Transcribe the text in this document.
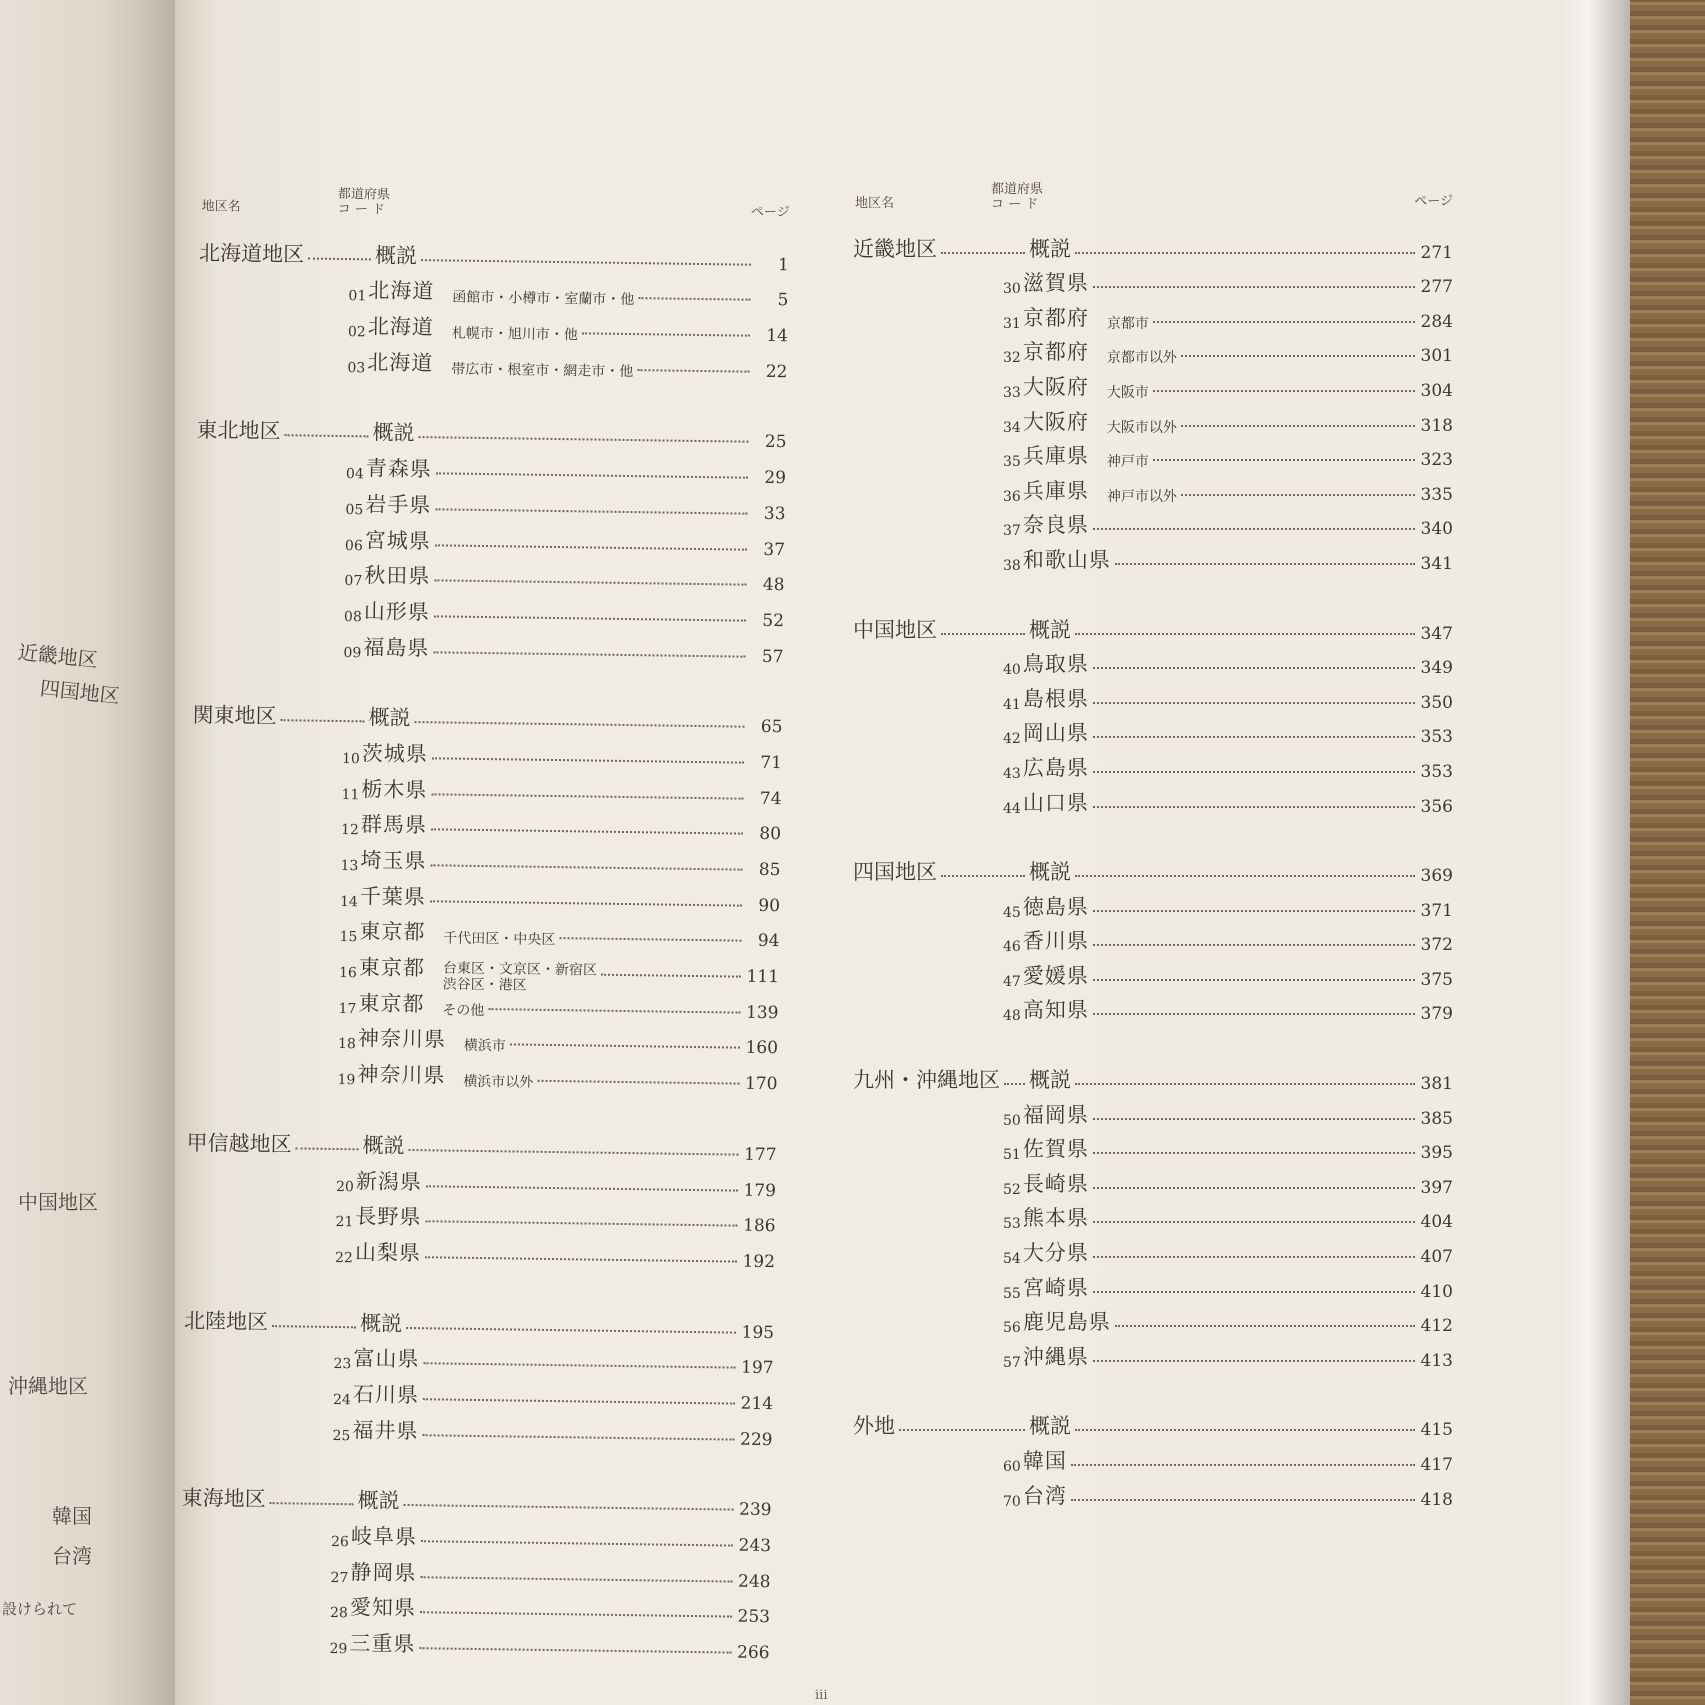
近畿地区
四国地区
中国地区
沖縄地区
韓国
台湾
設けられて
地区名
都道府県
コ ー ド	ページ
北海道地区	概説	1
01 北海道 函館市・小樽市・室蘭市・他	5
02 北海道 札幌市・旭川市・他	14
03 北海道 帯広市・根室市・網走市・他	22
東北地区	概説	25
04 青森県	29
05 岩手県	33
06 宮城県	37
07 秋田県	48
08 山形県	52
09 福島県	57
関東地区	概説	65
10 茨城県	71
11 栃木県	74
12 群馬県	80
13 埼玉県	85
14 千葉県	90
15 東京都 千代田区・中央区	94
16 東京都 台東区・文京区・新宿区
渋谷区・港区	111
17 東京都 その他	139
18 神奈川県 横浜市	160
19 神奈川県 横浜市以外	170
甲信越地区	概説	177
20 新潟県	179
21 長野県	186
22 山梨県	192
北陸地区	概説	195
23 富山県	197
24 石川県	214
25 福井県	229
東海地区	概説	239
26 岐阜県	243
27 静岡県	248
28 愛知県	253
29 三重県	266
地区名
都道府県
コ ー ド	ページ
近畿地区	概説	271
30 滋賀県	277
31 京都府 京都市	284
32 京都府 京都市以外	301
33 大阪府 大阪市	304
34 大阪府 大阪市以外	318
35 兵庫県 神戸市	323
36 兵庫県 神戸市以外	335
37 奈良県	340
38 和歌山県	341
中国地区	概説	347
40 鳥取県	349
41 島根県	350
42 岡山県	353
43 広島県	353
44 山口県	356
四国地区	概説	369
45 徳島県	371
46 香川県	372
47 愛媛県	375
48 高知県	379
九州・沖縄地区 概説	381
50 福岡県	385
51 佐賀県	395
52 長崎県	397
53 熊本県	404
54 大分県	407
55 宮崎県	410
56 鹿児島県	412
57 沖縄県	413
外地	概説	415
60 韓国	417
70 台湾	418
iii
